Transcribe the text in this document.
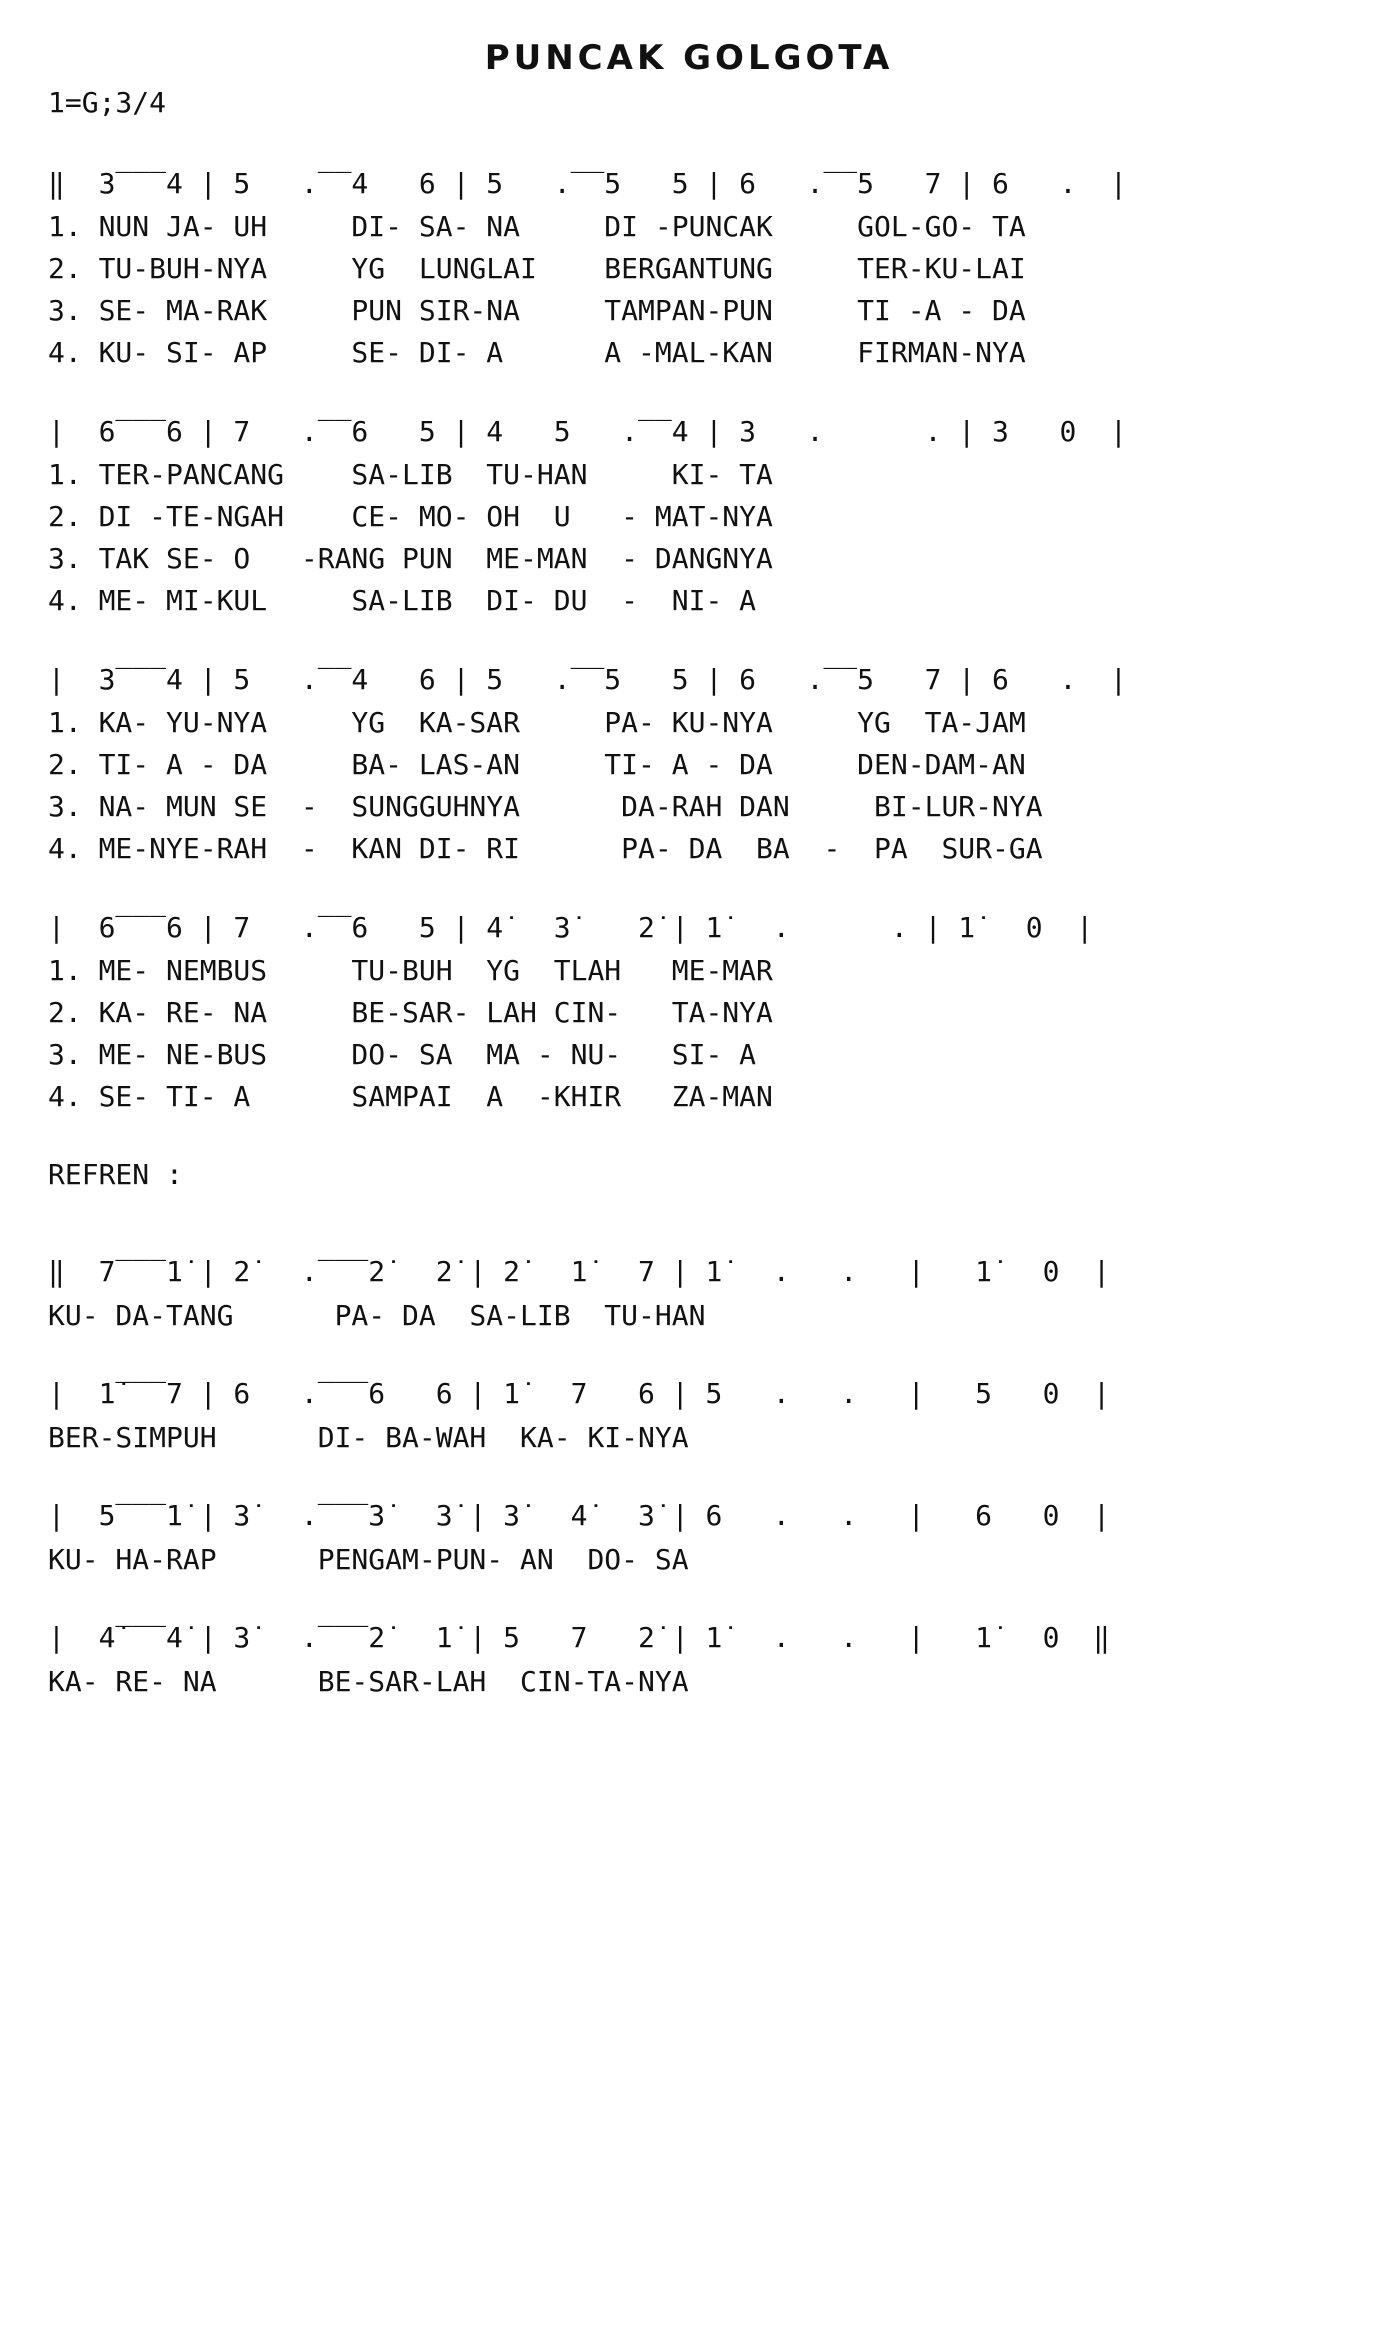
PUNCAK GOLGOTA
1=G;3/4
‖  3‾‾‾4 | 5   .‾‾4   6 | 5   .‾‾5   5 | 6   .‾‾5   7 | 6   .  |
1. NUN JA- UH     DI- SA- NA     DI -PUNCAK     GOL-GO- TA
2. TU-BUH-NYA     YG  LUNGLAI    BERGANTUNG     TER-KU-LAI
3. SE- MA-RAK     PUN SIR-NA     TAMPAN-PUN     TI -A - DA
4. KU- SI- AP     SE- DI- A      A -MAL-KAN     FIRMAN-NYA
|  6‾‾‾6 | 7   .‾‾6   5 | 4   5   .‾‾4 | 3   .      . | 3   0  |
1. TER-PANCANG    SA-LIB  TU-HAN     KI- TA
2. DI -TE-NGAH    CE- MO- OH  U   - MAT-NYA
3. TAK SE- O   -RANG PUN  ME-MAN  - DANGNYA
4. ME- MI-KUL     SA-LIB  DI- DU  -  NI- A
|  3‾‾‾4 | 5   .‾‾4   6 | 5   .‾‾5   5 | 6   .‾‾5   7 | 6   .  |
1. KA- YU-NYA     YG  KA-SAR     PA- KU-NYA     YG  TA-JAM
2. TI- A - DA     BA- LAS-AN     TI- A - DA     DEN-DAM-AN
3. NA- MUN SE  -  SUNGGUHNYA      DA-RAH DAN     BI-LUR-NYA
4. ME-NYE-RAH  -  KAN DI- RI      PA- DA  BA  -  PA  SUR-GA
|  6‾‾‾6 | 7   .‾‾6   5 | 4̇   3̇    2̇ | 1̇   .      . | 1̇   0  |
1. ME- NEMBUS     TU-BUH  YG  TLAH   ME-MAR
2. KA- RE- NA     BE-SAR- LAH CIN-   TA-NYA
3. ME- NE-BUS     DO- SA  MA - NU-   SI- A
4. SE- TI- A      SAMPAI  A  -KHIR   ZA-MAN
REFREN :
‖  7‾‾‾1̇ | 2̇   .‾‾‾2̇   2̇ | 2̇   1̇   7 | 1̇   .   .   |   1̇   0  |
KU- DA-TANG      PA- DA  SA-LIB  TU-HAN
|  1̇‾‾‾7 | 6   .‾‾‾6   6 | 1̇   7   6 | 5   .   .   |   5   0  |
BER-SIMPUH      DI- BA-WAH  KA- KI-NYA
|  5‾‾‾1̇ | 3̇   .‾‾‾3̇   3̇ | 3̇   4̇   3̇ | 6   .   .   |   6   0  |
KU- HA-RAP      PENGAM-PUN- AN  DO- SA
|  4̇‾‾‾4̇ | 3̇   .‾‾‾2̇   1̇ | 5   7   2̇ | 1̇   .   .   |   1̇   0  ‖
KA- RE- NA      BE-SAR-LAH  CIN-TA-NYA
